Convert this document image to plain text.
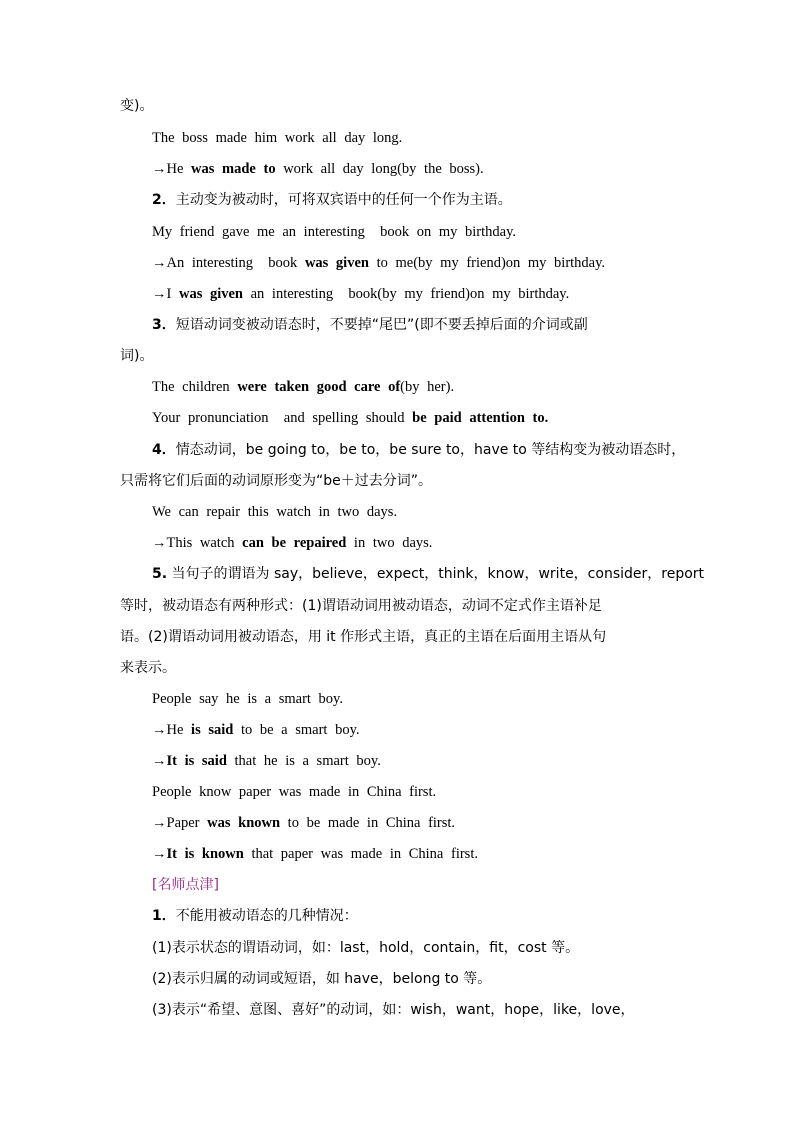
变)。
The boss made him work all day long.
→He was made to work all day long(by the boss).
2．主动变为被动时，可将双宾语中的任何一个作为主语。
My friend gave me an interesting  book on my birthday.
→An interesting  book was given to me(by my friend)on my birthday.
→I was given an interesting  book(by my friend)on my birthday.
3．短语动词变被动语态时，不要掉“尾巴”(即不要丢掉后面的介词或副
词)。
The children were taken good care of(by her).
Your pronunciation  and spelling should be paid attention to.
4．情态动词，be going to，be to，be sure to，have to 等结构变为被动语态时，
只需将它们后面的动词原形变为“be＋过去分词”。
We can repair this watch in two days.
→This watch can be repaired in two days.
5. 当句子的谓语为 say，believe，expect，think，know，write，consider，report
等时，被动语态有两种形式：(1)谓语动词用被动语态，动词不定式作主语补足
语。(2)谓语动词用被动语态，用 it 作形式主语，真正的主语在后面用主语从句
来表示。
People say he is a smart boy.
→He is said to be a smart boy.
→It is said that he is a smart boy.
People know paper was made in China first.
→Paper was known to be made in China first.
→It is known that paper was made in China first.
[名师点津]
1．不能用被动语态的几种情况：
(1)表示状态的谓语动词，如：last，hold，contain，fit，cost 等。
(2)表示归属的动词或短语，如 have，belong to 等。
(3)表示“希望、意图、喜好”的动词，如：wish，want，hope，like，love，
